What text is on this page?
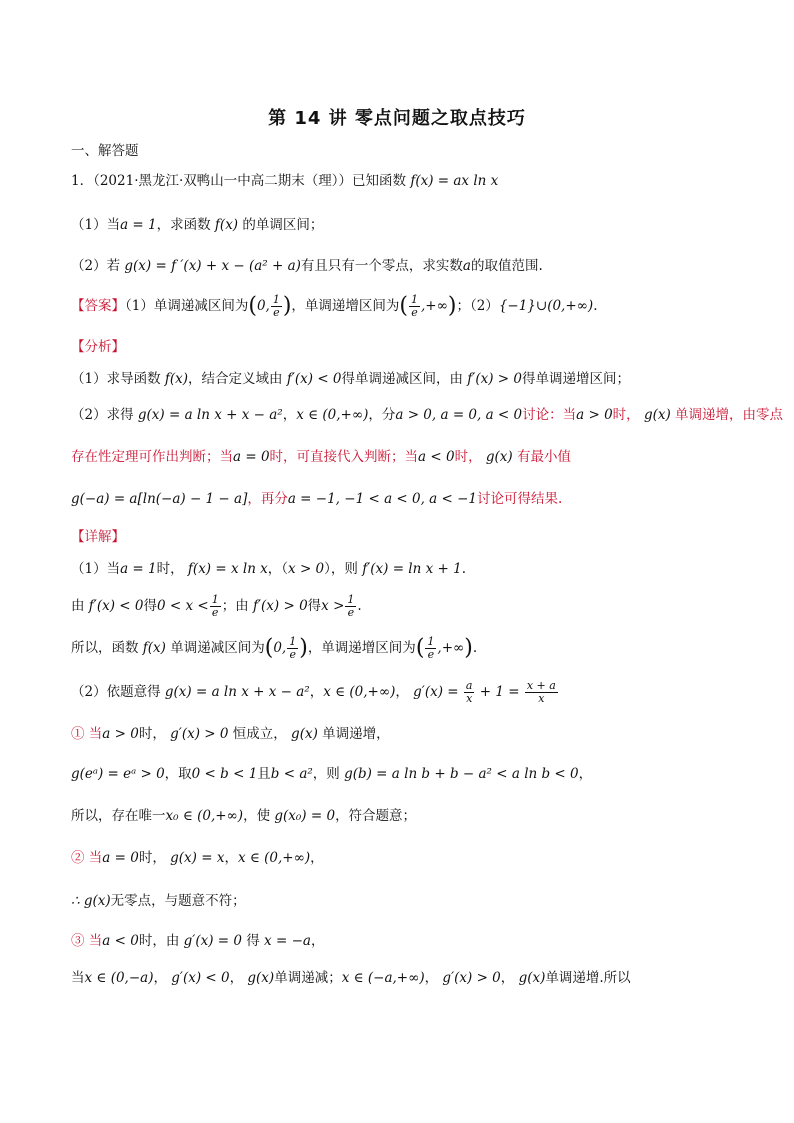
第 14 讲 零点问题之取点技巧
一、解答题
1．（2021·黑龙江·双鸭山一中高二期末（理））已知函数 f(x) = ax ln x
（1）当a = 1，求函数 f(x) 的单调区间；
（2）若 g(x) = f ′(x) + x − (a² + a)有且只有一个零点，求实数a的取值范围.
【答案】（1）单调递减区间为(0, $\frac{1}{e}$ )，单调递增区间为( $\frac{1}{e}$ ,+∞)；（2）{−1}∪(0,+∞).
【分析】
（1）求导函数 f(x)，结合定义域由 f′(x) < 0得单调递减区间，由 f′(x) > 0得单调递增区间；
（2）求得 g(x) = a ln x + x − a²，x ∈ (0,+∞)，分a > 0, a = 0, a < 0讨论：当a > 0时， g(x) 单调递增，由零点
存在性定理可作出判断；当a = 0时，可直接代入判断；当a < 0时， g(x) 有最小值
g(−a) = a[ln(−a) − 1 − a]，再分a = −1, −1 < a < 0, a < −1讨论可得结果.
【详解】
（1）当a = 1时， f(x) = x ln x，（x > 0），则 f′(x) = ln x + 1.
由 f′(x) < 0得$0 < x < \frac{1}{e}$ ；由 f′(x) > 0得$x > \frac{1}{e}$ .
所以，函数 f(x) 单调递减区间为(0, $\frac{1}{e}$ )，单调递增区间为( $\frac{1}{e}$ ,+∞).
（2）依题意得 g(x) = a ln x + x − a²，x ∈ (0,+∞)， $g'(x) = \frac{a}{x} + 1 = \frac{x + a}{x}$
① 当a > 0时， g′(x) > 0 恒成立， g(x) 单调递增，
g(eᵃ) = eᵃ > 0，取0 < b < 1且b < a²，则 g(b) = a ln b + b − a² < a ln b < 0，
所以，存在唯一x₀ ∈ (0,+∞)，使 g(x₀) = 0，符合题意；
② 当a = 0时， g(x) = x，x ∈ (0,+∞)，
∴ g(x)无零点，与题意不符；
③ 当a < 0时，由 g′(x) = 0 得 x = −a，
当x ∈ (0,−a)， g′(x) < 0， g(x)单调递减；x ∈ (−a,+∞)， g′(x) > 0， g(x)单调递增.所以
